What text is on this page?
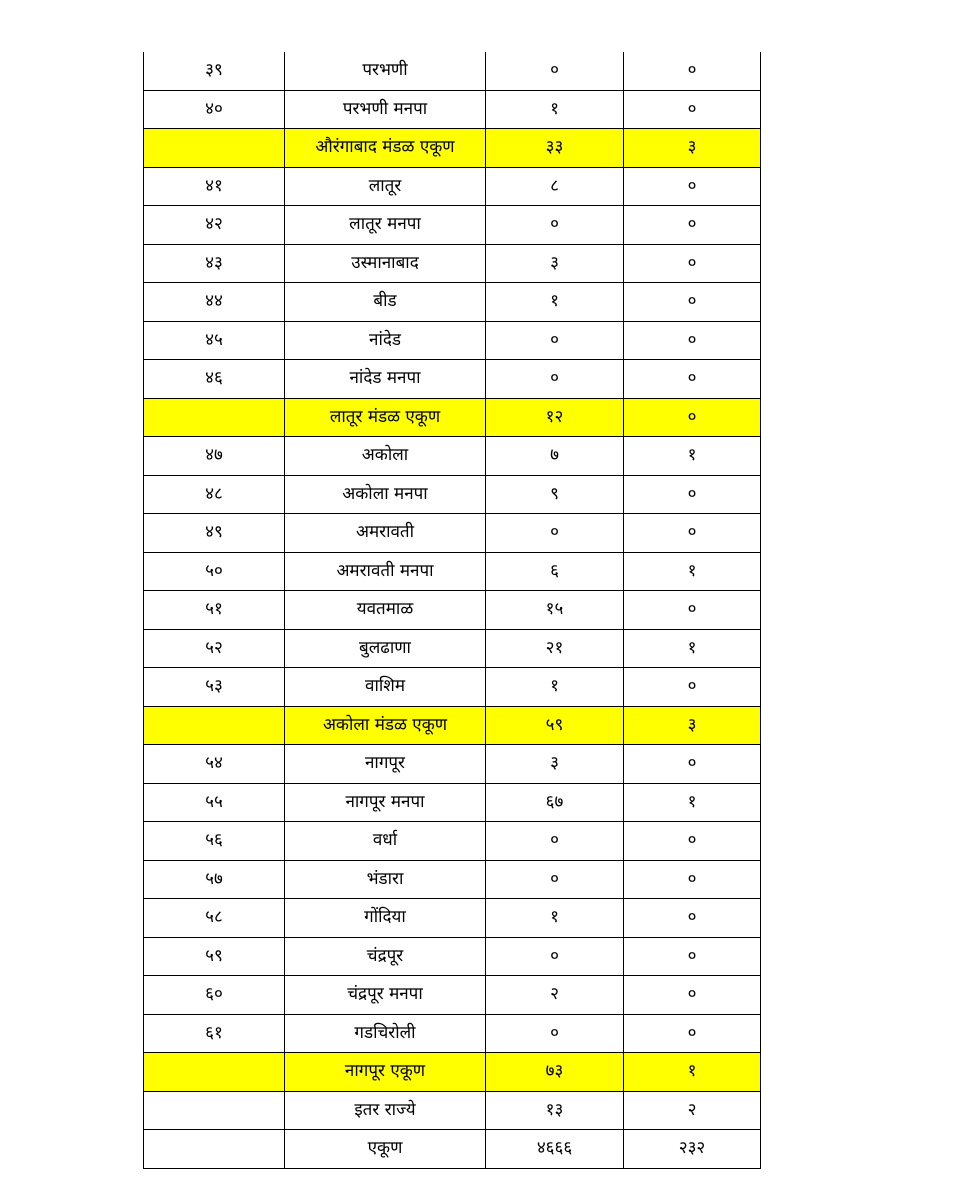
३९	परभणी	०	०
४०	परभणी मनपा	१	०
	औरंगाबाद मंडळ एकूण	३३	३
४१	लातूर	८	०
४२	लातूर मनपा	०	०
४३	उस्मानाबाद	३	०
४४	बीड	१	०
४५	नांदेड	०	०
४६	नांदेड मनपा	०	०
	लातूर मंडळ एकूण	१२	०
४७	अकोला	७	१
४८	अकोला मनपा	९	०
४९	अमरावती	०	०
५०	अमरावती मनपा	६	१
५१	यवतमाळ	१५	०
५२	बुलढाणा	२१	१
५३	वाशिम	१	०
	अकोला मंडळ एकूण	५९	३
५४	नागपूर	३	०
५५	नागपूर मनपा	६७	१
५६	वर्धा	०	०
५७	भंडारा	०	०
५८	गोंदिया	१	०
५९	चंद्रपूर	०	०
६०	चंद्रपूर मनपा	२	०
६१	गडचिरोली	०	०
	नागपूर एकूण	७३	१
	इतर राज्ये	१३	२
	एकूण	४६६६	२३२
